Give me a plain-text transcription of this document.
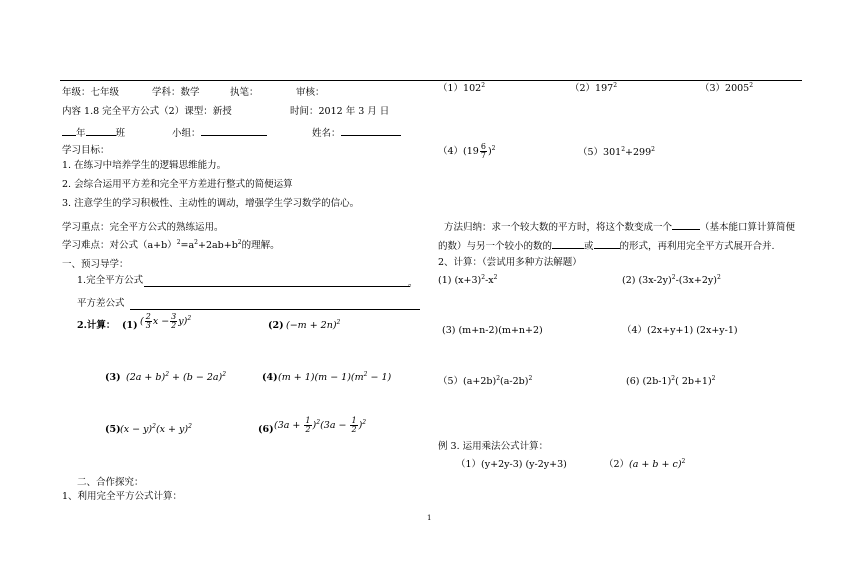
年级：七年级	学科：数学	执笔：	审核：
内容 1.8 完全平方公式（2）课型：新授	时间：2012 年 3 月 日
年	班	小组：	姓名：
学习目标：
1. 在练习中培养学生的逻辑思维能力。
2. 会综合运用平方差和完全平方差进行整式的简便运算
3. 注意学生的学习积极性、主动性的调动，增强学生学习数学的信心。
学习重点：完全平方公式的熟练运用。
学习难点：对公式$(a+b)^2=a^2+2ab+b^2$的理解。
一、预习导学：
1.完全平方公式	。
平方差公式
2.计算： (1) ( $\frac{2}{3}$ $x - \frac{3}{2} y)^2$
(2) $(-m + 2n)^2$
(3) $(2a + b)^2 + (b - 2a)^2$	(4) $(m + 1)(m - 1)(m^2 - 1)$
(5) $(x - y)^2(x + y)^2$	(6) $(3a + \frac{1}{2} )^2(3a - \frac{1}{2} )^2$
二、合作探究：
1、利用完全平方公式计算：
$(1)102^2$	$(2)197^2$	（3）2005$^2$
$(4)(19 \frac{6}{7} )^2$	$(5)301^2+299^2$
方法归纳：求一个较大数的平方时，将这个数变成一个	（基本能口算计算简便
的数）与另一个较小的数的	或	的形式，再利用完全平方式展开合并.
2、计算：（尝试用多种方法解题）
(1) $(x+3)^2-x^2$	(2) $(3x-2y)^2-(3x+2y)^2$
(3) (m+n-2)(m+n+2)	（4）(2x+y+1) (2x+y-1)
$(5)(a+2b)^2(a-2b)^2$	(6) $(2b-1)^2$( 2b+1)$^2$
例 3. 运用乘法公式计算：
（1）(y+2y-3) (y-2y+3)	$(2)(a + b + c)^2$
1
